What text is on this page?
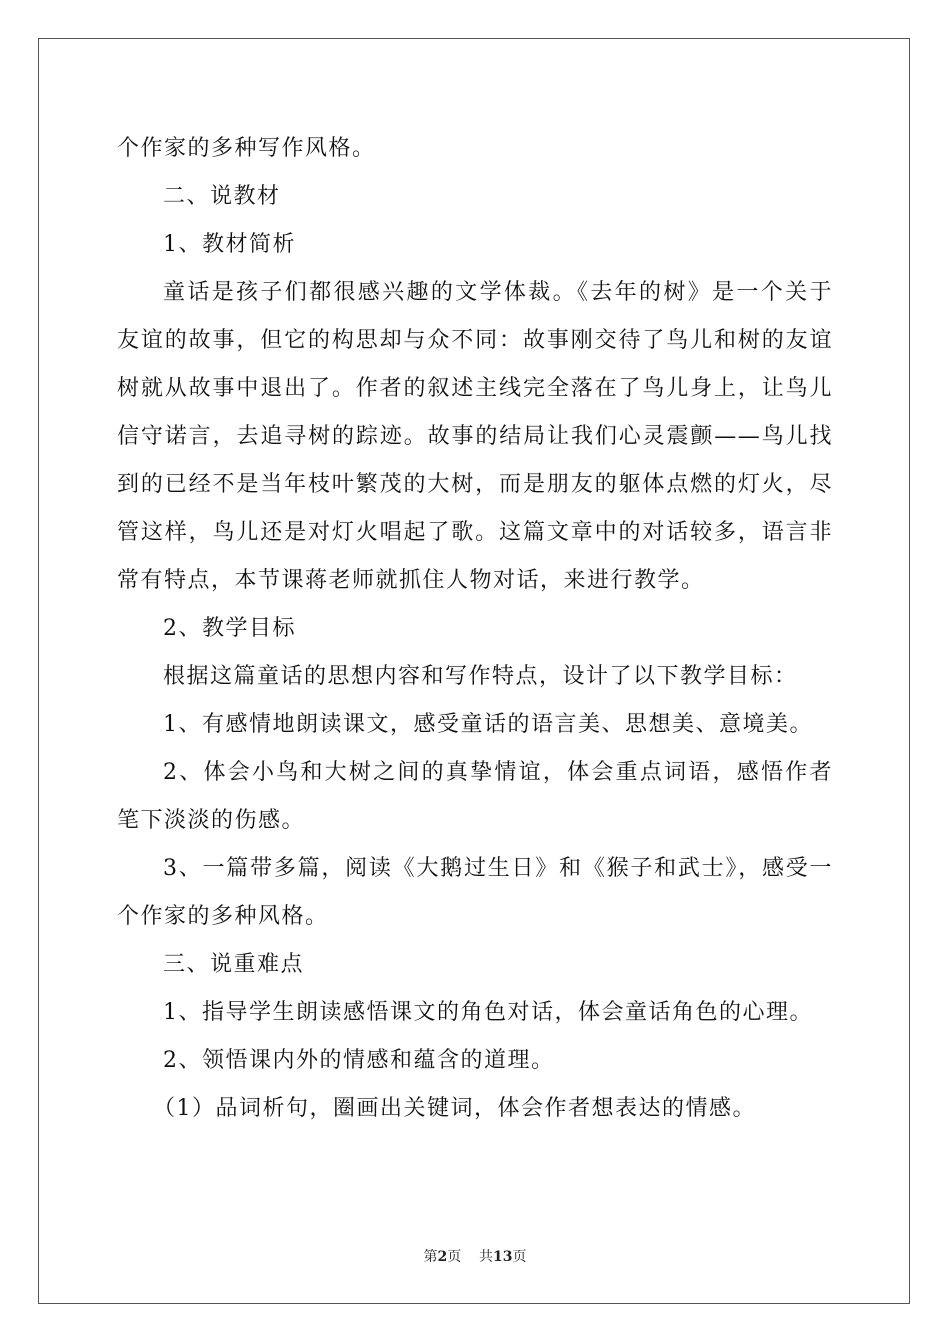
个作家的多种写作风格。

二、说教材

1、教材简析

童话是孩子们都很感兴趣的文学体裁。《去年的树》是一个关于友谊的故事，但它的构思却与众不同：故事刚交待了鸟儿和树的友谊树就从故事中退出了。作者的叙述主线完全落在了鸟儿身上，让鸟儿信守诺言，去追寻树的踪迹。故事的结局让我们心灵震颤——鸟儿找到的已经不是当年枝叶繁茂的大树，而是朋友的躯体点燃的灯火，尽管这样，鸟儿还是对灯火唱起了歌。这篇文章中的对话较多，语言非常有特点，本节课蒋老师就抓住人物对话，来进行教学。

2、教学目标

根据这篇童话的思想内容和写作特点，设计了以下教学目标：

1、有感情地朗读课文，感受童话的语言美、思想美、意境美。

2、体会小鸟和大树之间的真挚情谊，体会重点词语，感悟作者笔下淡淡的伤感。

3、一篇带多篇，阅读《大鹅过生日》和《猴子和武士》，感受一个作家的多种风格。

三、说重难点

1、指导学生朗读感悟课文的角色对话，体会童话角色的心理。

2、领悟课内外的情感和蕴含的道理。

（1）品词析句，圈画出关键词，体会作者想表达的情感。

第2页 共13页
